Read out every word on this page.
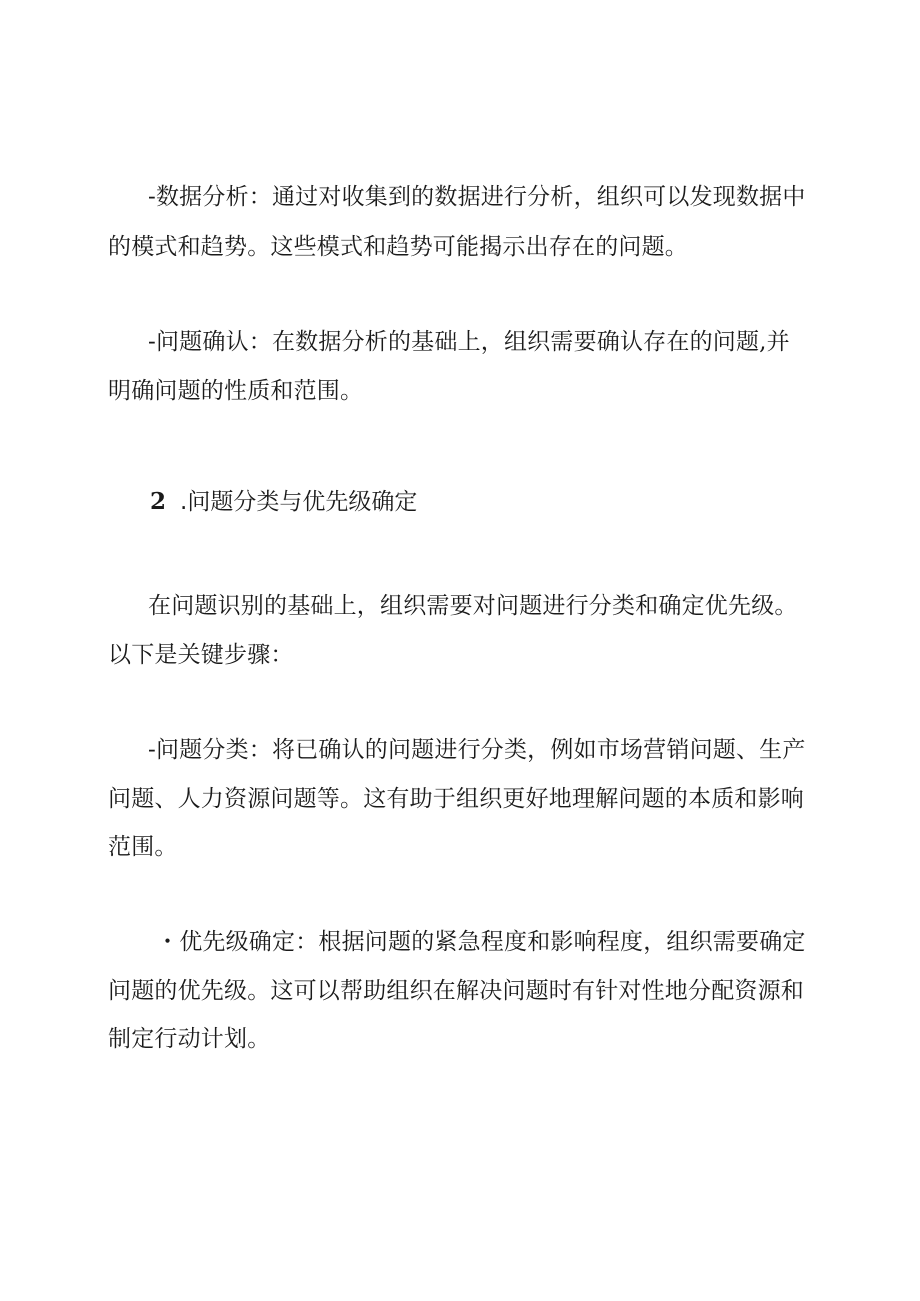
-数据分析：通过对收集到的数据进行分析，组织可以发现数据中
的模式和趋势。这些模式和趋势可能揭示出存在的问题。
-问题确认：在数据分析的基础上，组织需要确认存在的问题,并
明确问题的性质和范围。
2 .问题分类与优先级确定
在问题识别的基础上，组织需要对问题进行分类和确定优先级。
以下是关键步骤：
-问题分类：将已确认的问题进行分类，例如市场营销问题、生产
问题、人力资源问题等。这有助于组织更好地理解问题的本质和影响
范围。
・优先级确定：根据问题的紧急程度和影响程度，组织需要确定
问题的优先级。这可以帮助组织在解决问题时有针对性地分配资源和
制定行动计划。
